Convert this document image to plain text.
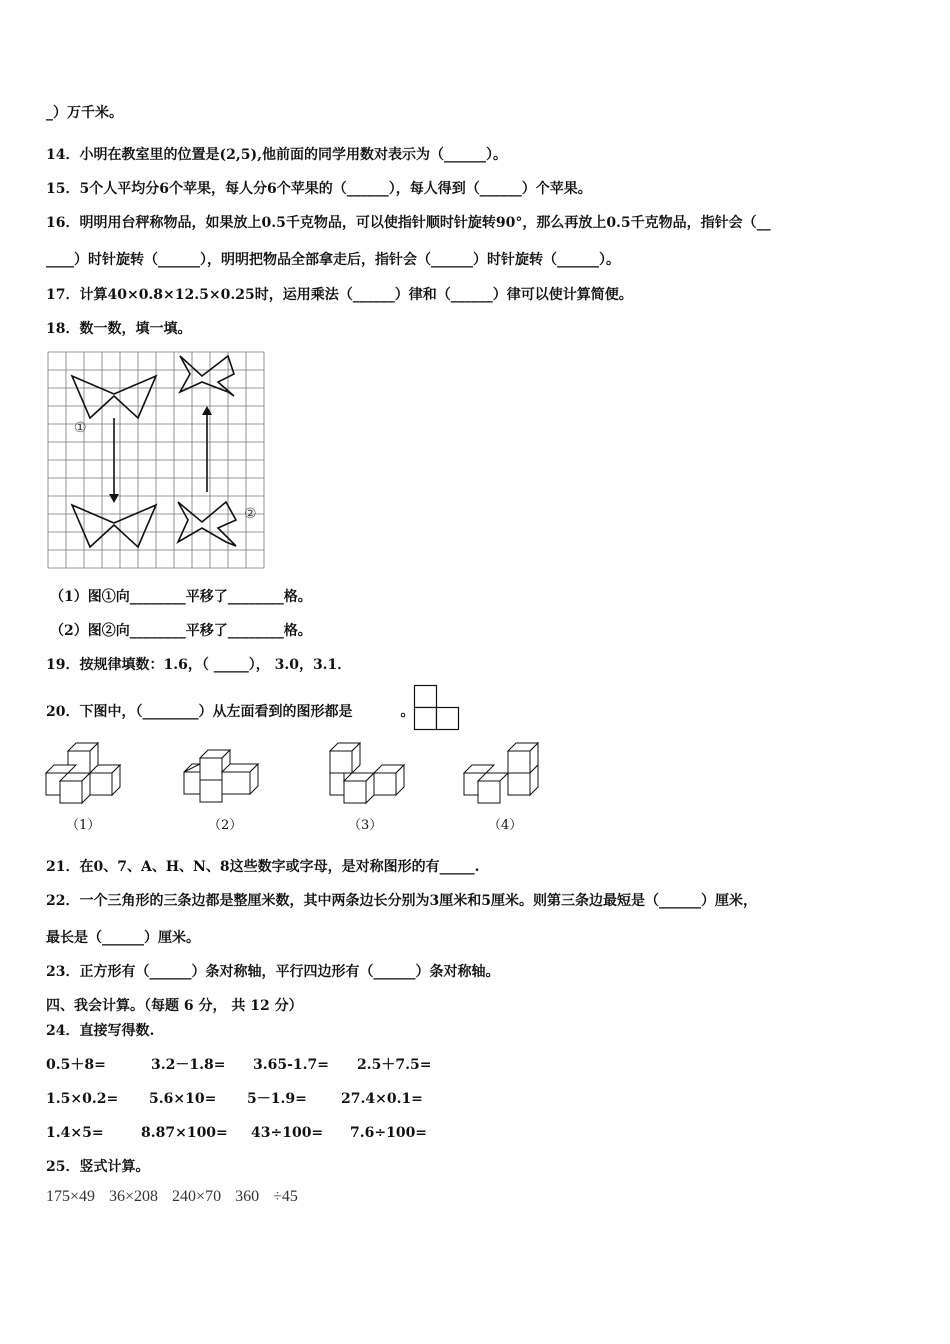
_）万千米。
14．小明在教室里的位置是(2,5),他前面的同学用数对表示为（______）。
15．5个人平均分6个苹果，每人分6个苹果的（______），每人得到（______）个苹果。
16．明明用台秤称物品，如果放上0.5千克物品，可以使指针顺时针旋转90°，那么再放上0.5千克物品，指针会（__
____）时针旋转（______），明明把物品全部拿走后，指针会（______）时针旋转（______）。
17．计算40×0.8×12.5×0.25时，运用乘法（______）律和（______）律可以使计算简便。
18．数一数，填一填。
①
②
（1）图①向________平移了________格。
（2）图②向________平移了________格。
19．按规律填数：1.6，（ _____）， 3.0，3.1．
20．下图中，（________）从左面看到的图形都是	。
（1）	（2）	（3）	（4）
21．在0、7、A、H、N、8这些数字或字母，是对称图形的有_____.
22．一个三角形的三条边都是整厘米数，其中两条边长分别为3厘米和5厘米。则第三条边最短是（______）厘米，
最长是（______）厘米。
23．正方形有（______）条对称轴，平行四边形有（______）条对称轴。
四、我会计算。（每题 6 分， 共 12 分）
24．直接写得数.
0.5＋8=	3.2－1.8= 3.65-1.7= 2.5＋7.5=
1.5×0.2= 5.6×10= 5－1.9= 27.4×0.1=
1.4×5=	8.87×100= 43÷100= 7.6÷100=
25．竖式计算。
175×49 36×208 240×70 360 ÷45
